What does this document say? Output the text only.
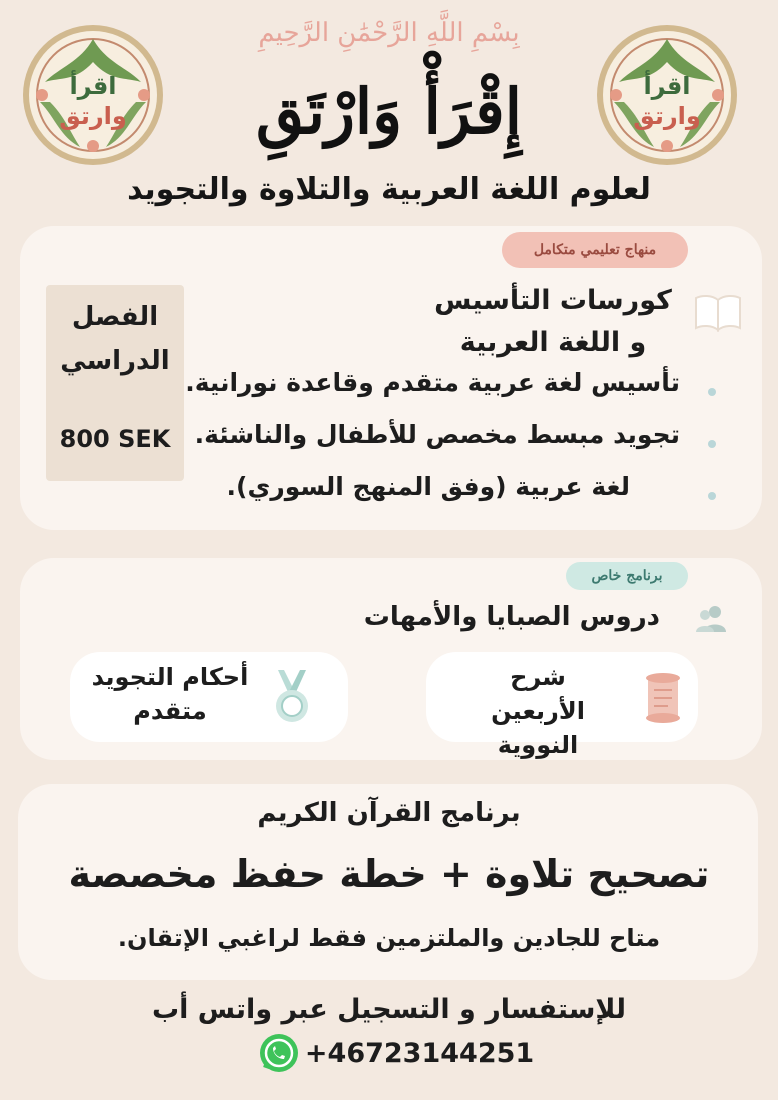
اقرأ
وارتق
اقرأ
وارتق
بِسْمِ اللَّهِ الرَّحْمَٰنِ الرَّحِيمِ
إِقْرَأْ وَارْتَقِ
لعلوم اللغة العربية والتلاوة والتجويد
منهاج تعليمي متكامل
كورسات التأسيس
و اللغة العربية
تأسيس لغة عربية متقدم وقاعدة نورانية.
تجويد مبسط مخصص للأطفال والناشئة.
لغة عربية (وفق المنهج السوري).
الفصل
الدراسي
800 SEK
برنامج خاص
دروس الصبايا والأمهات
شرح
الأربعين النووية
أحكام التجويد
متقدم
برنامج القرآن الكريم
تصحيح تلاوة + خطة حفظ مخصصة
متاح للجادين والملتزمين فقط لراغبي الإتقان.
للإستفسار و التسجيل عبر واتس أب
+46723144251
